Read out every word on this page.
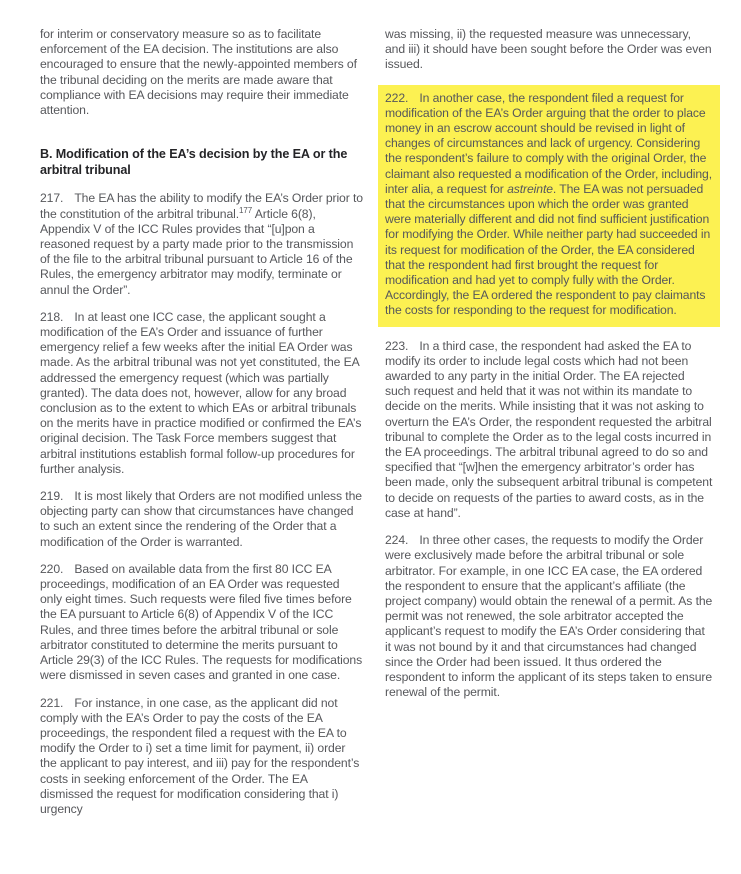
for interim or conservatory measure so as to facilitate enforcement of the EA decision. The institutions are also encouraged to ensure that the newly-appointed members of the tribunal deciding on the merits are made aware that compliance with EA decisions may require their immediate attention.

B. Modification of the EA’s decision by the EA or the arbitral tribunal

217. The EA has the ability to modify the EA’s Order prior to the constitution of the arbitral tribunal.$^{177}$ Article 6(8), Appendix V of the ICC Rules provides that “[u]pon a reasoned request by a party made prior to the transmission of the file to the arbitral tribunal pursuant to Article 16 of the Rules, the emergency arbitrator may modify, terminate or annul the Order”.

218. In at least one ICC case, the applicant sought a modification of the EA’s Order and issuance of further emergency relief a few weeks after the initial EA Order was made. As the arbitral tribunal was not yet constituted, the EA addressed the emergency request (which was partially granted). The data does not, however, allow for any broad conclusion as to the extent to which EAs or arbitral tribunals on the merits have in practice modified or confirmed the EA’s original decision. The Task Force members suggest that arbitral institutions establish formal follow-up procedures for further analysis.

219. It is most likely that Orders are not modified unless the objecting party can show that circumstances have changed to such an extent since the rendering of the Order that a modification of the Order is warranted.

220. Based on available data from the first 80 ICC EA proceedings, modification of an EA Order was requested only eight times. Such requests were filed five times before the EA pursuant to Article 6(8) of Appendix V of the ICC Rules, and three times before the arbitral tribunal or sole arbitrator constituted to determine the merits pursuant to Article 29(3) of the ICC Rules. The requests for modifications were dismissed in seven cases and granted in one case.

221. For instance, in one case, as the applicant did not comply with the EA’s Order to pay the costs of the EA proceedings, the respondent filed a request with the EA to modify the Order to i) set a time limit for payment, ii) order the applicant to pay interest, and iii) pay for the respondent’s costs in seeking enforcement of the Order. The EA dismissed the request for modification considering that i) urgency

was missing, ii) the requested measure was unnecessary, and iii) it should have been sought before the Order was even issued.

222. In another case, the respondent filed a request for modification of the EA’s Order arguing that the order to place money in an escrow account should be revised in light of changes of circumstances and lack of urgency. Considering the respondent’s failure to comply with the original Order, the claimant also requested a modification of the Order, including, inter alia, a request for astreinte. The EA was not persuaded that the circumstances upon which the order was granted were materially different and did not find sufficient justification for modifying the Order. While neither party had succeeded in its request for modification of the Order, the EA considered that the respondent had first brought the request for modification and had yet to comply fully with the Order. Accordingly, the EA ordered the respondent to pay claimants the costs for responding to the request for modification.

223. In a third case, the respondent had asked the EA to modify its order to include legal costs which had not been awarded to any party in the initial Order. The EA rejected such request and held that it was not within its mandate to decide on the merits. While insisting that it was not asking to overturn the EA’s Order, the respondent requested the arbitral tribunal to complete the Order as to the legal costs incurred in the EA proceedings. The arbitral tribunal agreed to do so and specified that “[w]hen the emergency arbitrator’s order has been made, only the subsequent arbitral tribunal is competent to decide on requests of the parties to award costs, as in the case at hand”.

224. In three other cases, the requests to modify the Order were exclusively made before the arbitral tribunal or sole arbitrator. For example, in one ICC EA case, the EA ordered the respondent to ensure that the applicant’s affiliate (the project company) would obtain the renewal of a permit. As the permit was not renewed, the sole arbitrator accepted the applicant’s request to modify the EA’s Order considering that it was not bound by it and that circumstances had changed since the Order had been issued. It thus ordered the respondent to inform the applicant of its steps taken to ensure renewal of the permit.
